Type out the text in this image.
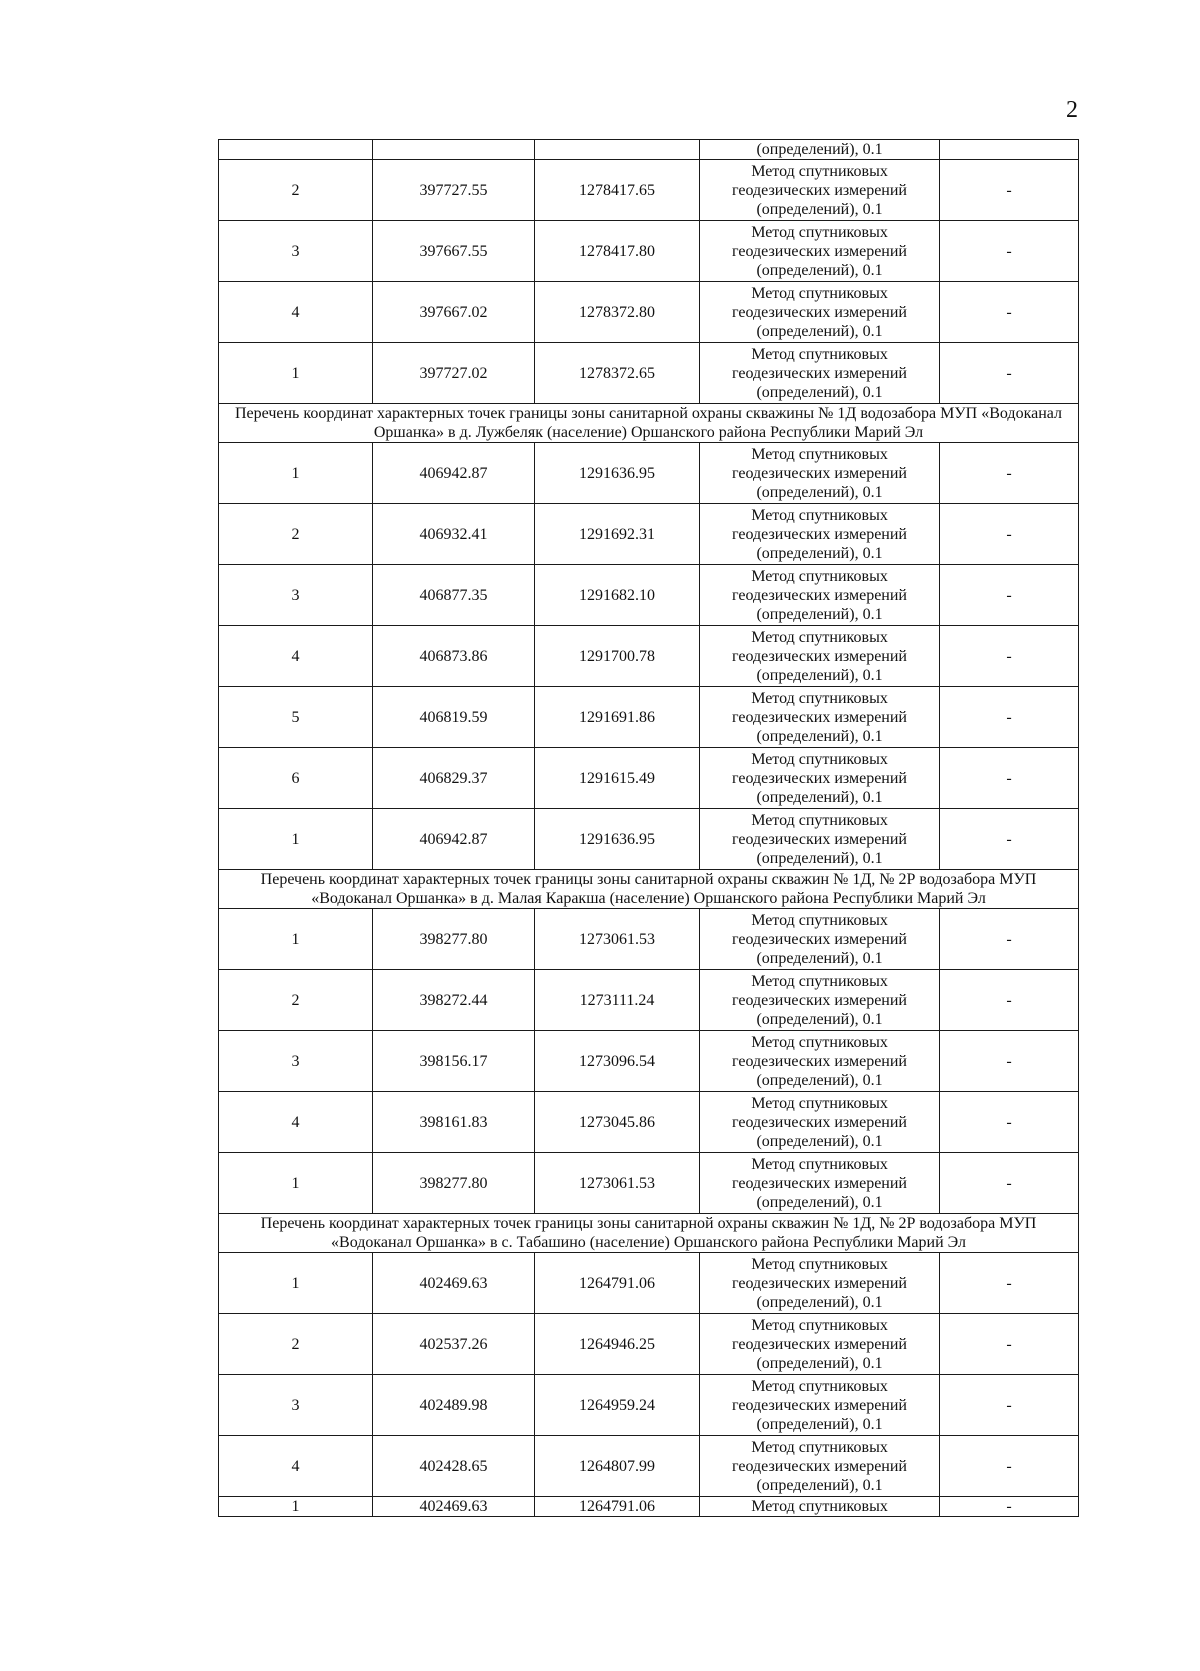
2
			(определений), 0.1	
2	397727.55	1278417.65	Метод спутниковых
геодезических измерений
(определений), 0.1	-
3	397667.55	1278417.80	Метод спутниковых
геодезических измерений
(определений), 0.1	-
4	397667.02	1278372.80	Метод спутниковых
геодезических измерений
(определений), 0.1	-
1	397727.02	1278372.65	Метод спутниковых
геодезических измерений
(определений), 0.1	-
Перечень координат характерных точек границы зоны санитарной охраны скважины № 1Д водозабора МУП «Водоканал Оршанка» в д. Лужбеляк (население) Оршанского района Республики Марий Эл				
1	406942.87	1291636.95	Метод спутниковых
геодезических измерений
(определений), 0.1	-
2	406932.41	1291692.31	Метод спутниковых
геодезических измерений
(определений), 0.1	-
3	406877.35	1291682.10	Метод спутниковых
геодезических измерений
(определений), 0.1	-
4	406873.86	1291700.78	Метод спутниковых
геодезических измерений
(определений), 0.1	-
5	406819.59	1291691.86	Метод спутниковых
геодезических измерений
(определений), 0.1	-
6	406829.37	1291615.49	Метод спутниковых
геодезических измерений
(определений), 0.1	-
1	406942.87	1291636.95	Метод спутниковых
геодезических измерений
(определений), 0.1	-
Перечень координат характерных точек границы зоны санитарной охраны скважин № 1Д, № 2Р водозабора МУП «Водоканал Оршанка» в д. Малая Каракша (население) Оршанского района Республики Марий Эл				
1	398277.80	1273061.53	Метод спутниковых
геодезических измерений
(определений), 0.1	-
2	398272.44	1273111.24	Метод спутниковых
геодезических измерений
(определений), 0.1	-
3	398156.17	1273096.54	Метод спутниковых
геодезических измерений
(определений), 0.1	-
4	398161.83	1273045.86	Метод спутниковых
геодезических измерений
(определений), 0.1	-
1	398277.80	1273061.53	Метод спутниковых
геодезических измерений
(определений), 0.1	-
Перечень координат характерных точек границы зоны санитарной охраны скважин № 1Д, № 2Р водозабора МУП «Водоканал Оршанка» в с. Табашино (население) Оршанского района Республики Марий Эл				
1	402469.63	1264791.06	Метод спутниковых
геодезических измерений
(определений), 0.1	-
2	402537.26	1264946.25	Метод спутниковых
геодезических измерений
(определений), 0.1	-
3	402489.98	1264959.24	Метод спутниковых
геодезических измерений
(определений), 0.1	-
4	402428.65	1264807.99	Метод спутниковых
геодезических измерений
(определений), 0.1	-
1	402469.63	1264791.06	Метод спутниковых	-
